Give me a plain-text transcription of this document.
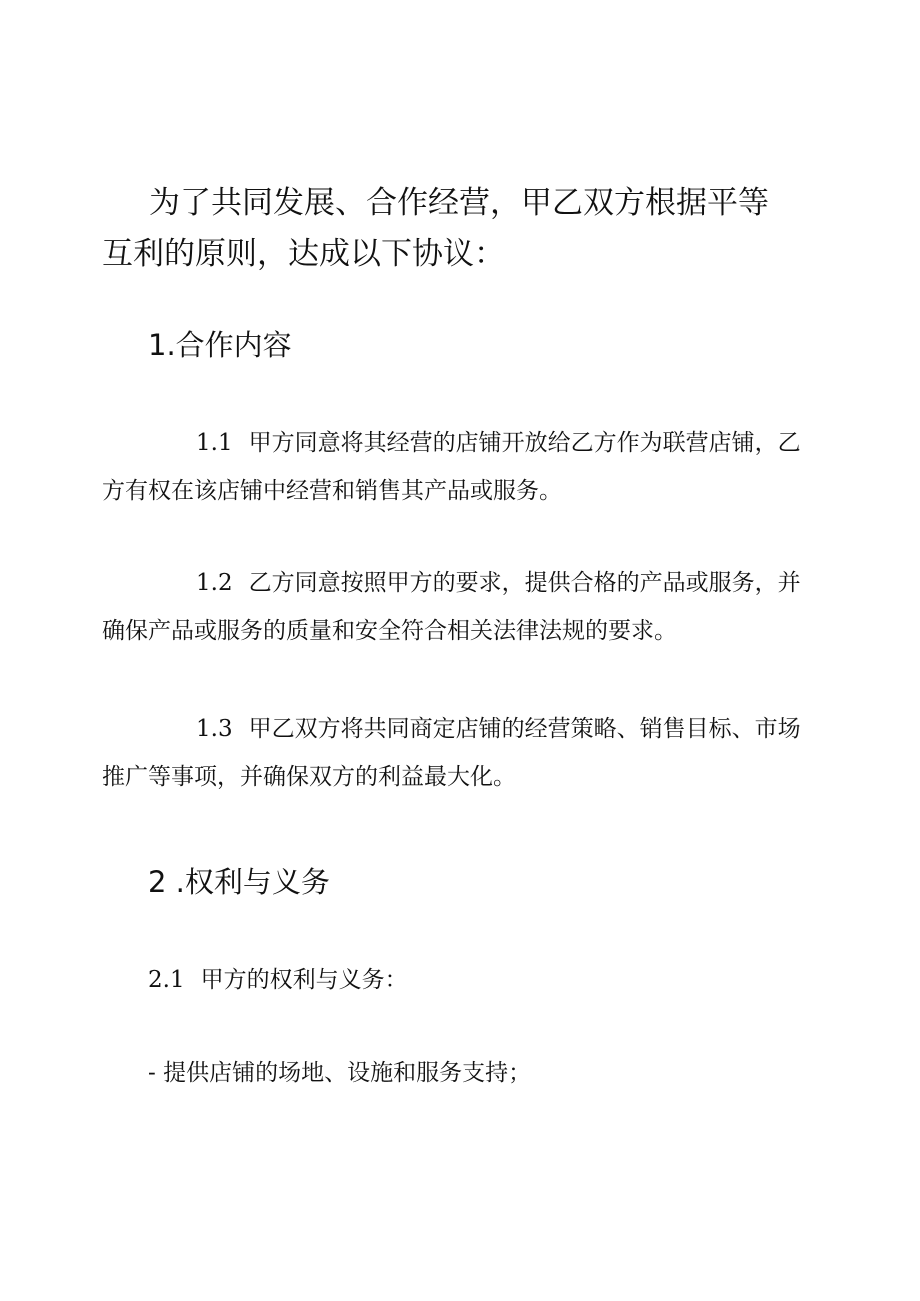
为了共同发展、合作经营，甲乙双方根据平等互利的原则，达成以下协议：

1.合作内容

1.1 甲方同意将其经营的店铺开放给乙方作为联营店铺，乙方有权在该店铺中经营和销售其产品或服务。

1.2 乙方同意按照甲方的要求，提供合格的产品或服务，并确保产品或服务的质量和安全符合相关法律法规的要求。

1.3 甲乙双方将共同商定店铺的经营策略、销售目标、市场推广等事项，并确保双方的利益最大化。

2 .权利与义务

2.1 甲方的权利与义务：

- 提供店铺的场地、设施和服务支持；
